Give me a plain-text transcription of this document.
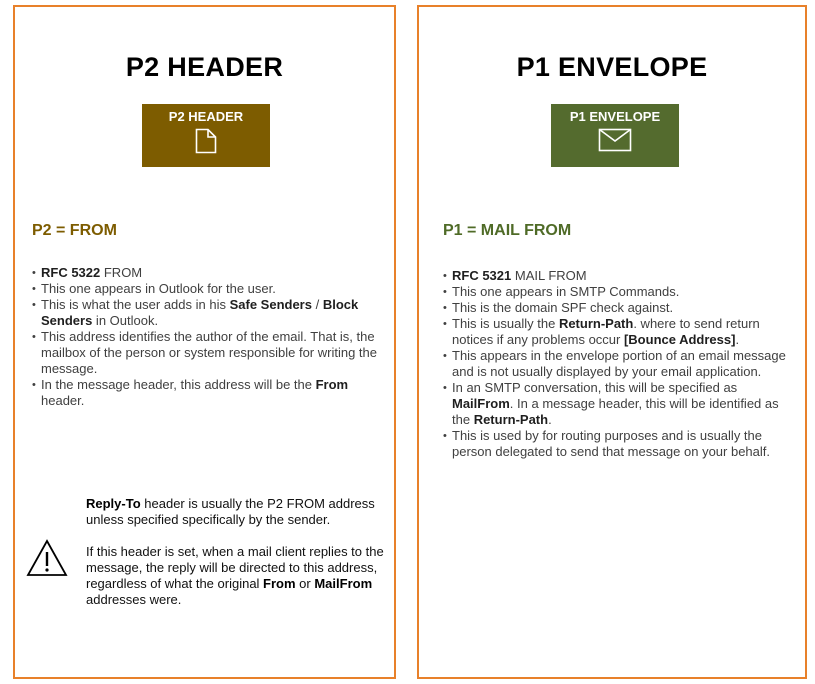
P2 HEADER
P2 HEADER
P2 = FROM
• RFC 5322 FROM
• This one appears in Outlook for the user.
• This is what the user adds in his Safe Senders / Block Senders in Outlook.
• This address identifies the author of the email. That is, the mailbox of the person or system responsible for writing the message.
• In the message header, this address will be the From header.

Reply-To header is usually the P2 FROM address unless specified specifically by the sender.

If this header is set, when a mail client replies to the message, the reply will be directed to this address, regardless of what the original From or MailFrom addresses were.

P1 ENVELOPE
P1 ENVELOPE
P1 = MAIL FROM
• RFC 5321 MAIL FROM
• This one appears in SMTP Commands.
• This is the domain SPF check against.
• This is usually the Return-Path. where to send return notices if any problems occur [Bounce Address].
• This appears in the envelope portion of an email message and is not usually displayed by your email application.
• In an SMTP conversation, this will be specified as MailFrom. In a message header, this will be identified as the Return-Path.
• This is used by for routing purposes and is usually the person delegated to send that message on your behalf.
